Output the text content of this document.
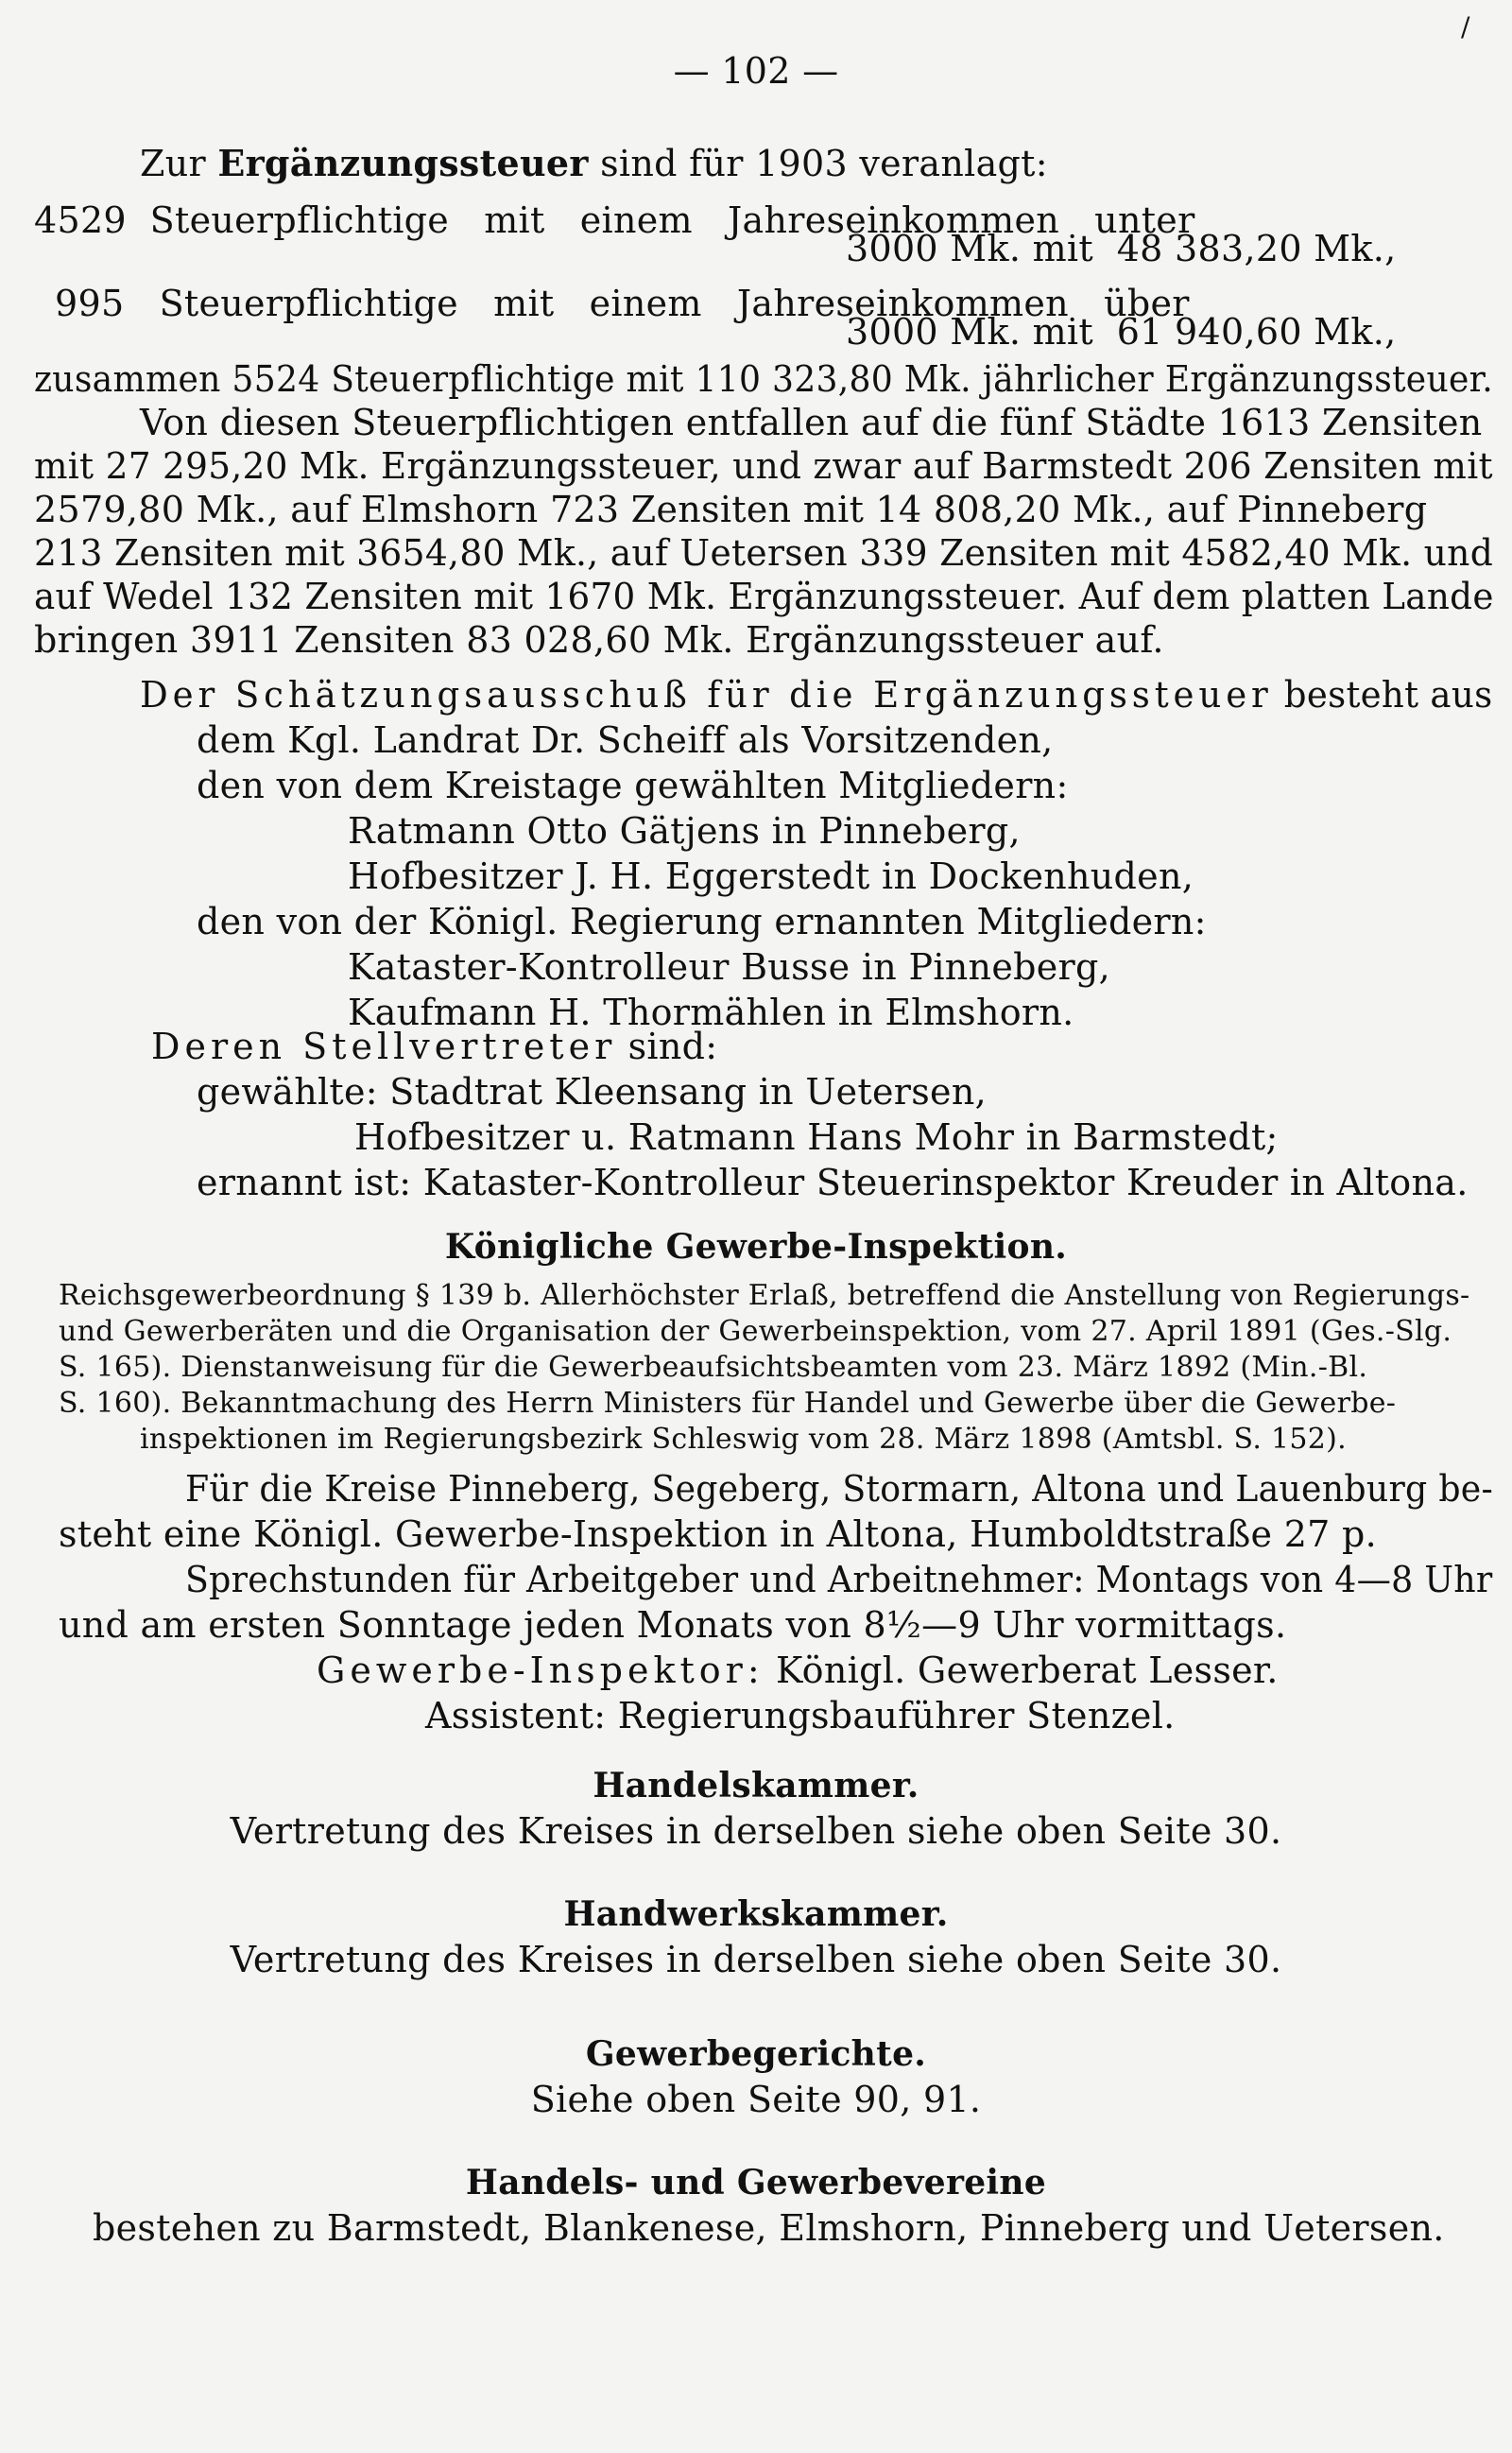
/
— 102 —
Zur Ergänzungssteuer sind für 1903 veranlagt:
4529  Steuerpflichtige   mit   einem   Jahreseinkommen   unter
3000 Mk. mit  48 383,20 Mk.,
995   Steuerpflichtige   mit   einem   Jahreseinkommen   über
3000 Mk. mit  61 940,60 Mk.,
zusammen 5524 Steuerpflichtige mit 110 323,80 Mk. jährlicher Ergänzungssteuer.
Von diesen Steuerpflichtigen entfallen auf die fünf Städte 1613 Zensiten
mit 27 295,20 Mk. Ergänzungssteuer, und zwar auf Barmstedt 206 Zensiten mit
2579,80 Mk., auf Elmshorn 723 Zensiten mit 14 808,20 Mk., auf Pinneberg
213 Zensiten mit 3654,80 Mk., auf Uetersen 339 Zensiten mit 4582,40 Mk. und
auf Wedel 132 Zensiten mit 1670 Mk. Ergänzungssteuer. Auf dem platten Lande
bringen 3911 Zensiten 83 028,60 Mk. Ergänzungssteuer auf.
Der Schätzungsausschuß für die Ergänzungssteuer besteht aus
dem Kgl. Landrat Dr. Scheiff als Vorsitzenden,
den von dem Kreistage gewählten Mitgliedern:
Ratmann Otto Gätjens in Pinneberg,
Hofbesitzer J. H. Eggerstedt in Dockenhuden,
den von der Königl. Regierung ernannten Mitgliedern:
Kataster-Kontrolleur Busse in Pinneberg,
Kaufmann H. Thormählen in Elmshorn.
Deren Stellvertreter sind:
gewählte: Stadtrat Kleensang in Uetersen,
Hofbesitzer u. Ratmann Hans Mohr in Barmstedt;
ernannt ist: Kataster-Kontrolleur Steuerinspektor Kreuder in Altona.
Königliche Gewerbe-Inspektion.
Reichsgewerbeordnung § 139 b. Allerhöchster Erlaß, betreffend die Anstellung von Regierungs-
und Gewerberäten und die Organisation der Gewerbeinspektion, vom 27. April 1891 (Ges.-Slg.
S. 165). Dienstanweisung für die Gewerbeaufsichtsbeamten vom 23. März 1892 (Min.-Bl.
S. 160). Bekanntmachung des Herrn Ministers für Handel und Gewerbe über die Gewerbe-
inspektionen im Regierungsbezirk Schleswig vom 28. März 1898 (Amtsbl. S. 152).
Für die Kreise Pinneberg, Segeberg, Stormarn, Altona und Lauenburg be-
steht eine Königl. Gewerbe-Inspektion in Altona, Humboldtstraße 27 p.
Sprechstunden für Arbeitgeber und Arbeitnehmer: Montags von 4—8 Uhr
und am ersten Sonntage jeden Monats von 8½—9 Uhr vormittags.
Gewerbe-Inspektor: Königl. Gewerberat Lesser.
Assistent: Regierungsbauführer Stenzel.
Handelskammer.
Vertretung des Kreises in derselben siehe oben Seite 30.
Handwerkskammer.
Vertretung des Kreises in derselben siehe oben Seite 30.
Gewerbegerichte.
Siehe oben Seite 90, 91.
Handels- und Gewerbevereine
bestehen zu Barmstedt, Blankenese, Elmshorn, Pinneberg und Uetersen.
